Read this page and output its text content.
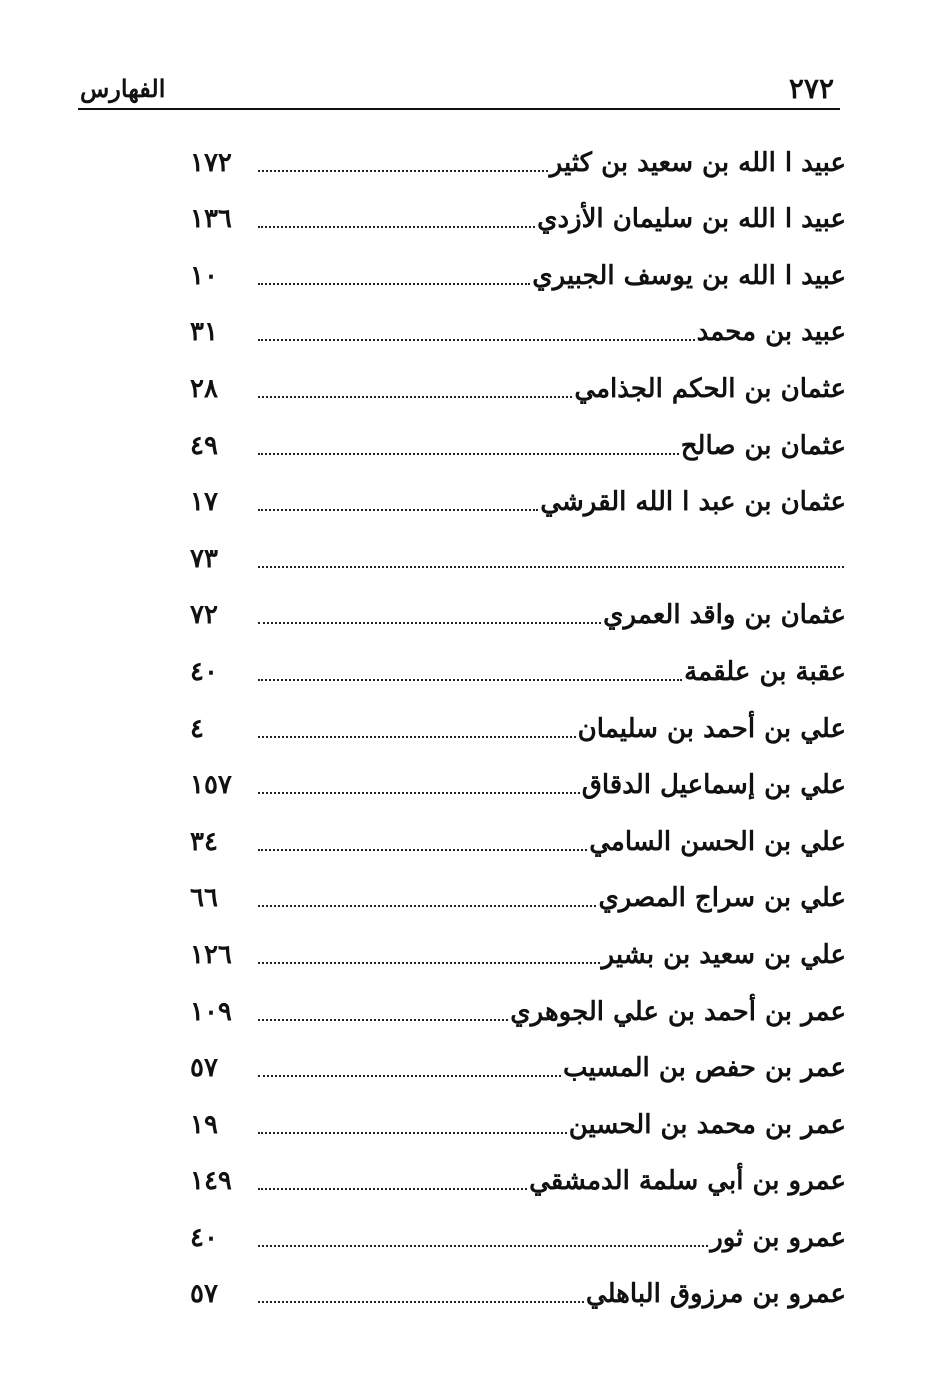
٢٧٢
الفهارس
عبيد ا الله بن سعيد بن كثير
١٧٢
عبيد ا الله بن سليمان الأزدي
١٣٦
عبيد ا الله بن يوسف الجبيري
١٠
عبيد بن محمد
٣١
عثمان بن الحكم الجذامي
٢٨
عثمان بن صالح
٤٩
عثمان بن عبد ا الله القرشي
١٧
٧٣
عثمان بن واقد العمري
٧٢
عقبة بن علقمة
٤٠
علي بن أحمد بن سليمان
٤
علي بن إسماعيل الدقاق
١٥٧
علي بن الحسن السامي
٣٤
علي بن سراج المصري
٦٦
علي بن سعيد بن بشير
١٢٦
عمر بن أحمد بن علي الجوهري
١٠٩
عمر بن حفص بن المسيب
٥٧
عمر بن محمد بن الحسين
١٩
عمرو بن أبي سلمة الدمشقي
١٤٩
عمرو بن ثور
٤٠
عمرو بن مرزوق الباهلي
٥٧
